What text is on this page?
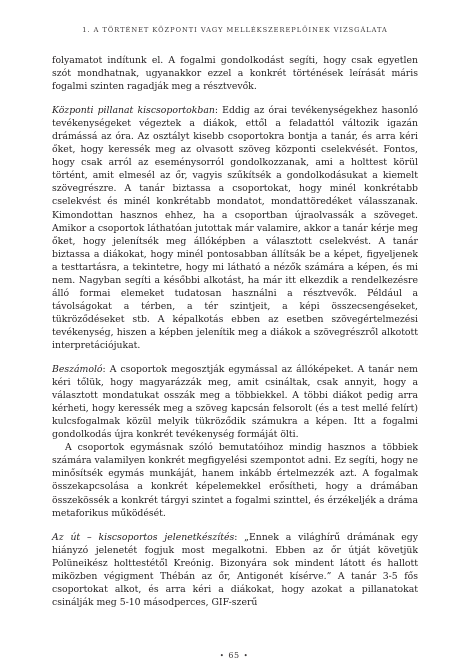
1. A TÖRTÉNET KÖZPONTI VAGY MELLÉKSZEREPLŐINEK VIZSGÁLATA

folyamatot indítunk el. A fogalmi gondolkodást segíti, hogy csak egyetlen szót mondhatnak, ugyanakkor ezzel a konkrét történések leírását máris fogalmi szinten ragadják meg a résztvevők.

Központi pillanat kiscsoportokban: Eddig az órai tevékenységekhez hasonló tevékenységeket végeztek a diákok, ettől a feladattól változik igazán drámássá az óra. Az osztályt kisebb csoportokra bontja a tanár, és arra kéri őket, hogy keressék meg az olvasott szöveg központi cselekvését. Fontos, hogy csak arról az eseménysorról gondolkozzanak, ami a holttest körül történt, amit elmesél az őr, vagyis szűkítsék a gondolkodásukat a kiemelt szövegrészre. A tanár biztassa a csoportokat, hogy minél konkrétabb cselekvést és minél konkrétabb mondatot, mondattöredéket válasszanak. Kimondottan hasznos ehhez, ha a csoportban újraolvassák a szöveget. Amikor a csoportok láthatóan jutottak már valamire, akkor a tanár kérje meg őket, hogy jelenítsék meg állóképben a választott cselekvést. A tanár biztassa a diákokat, hogy minél pontosabban állítsák be a képet, figyeljenek a testtartásra, a tekintetre, hogy mi látható a nézők számára a képen, és mi nem. Nagyban segíti a későbbi alkotást, ha már itt elkezdik a rendelkezésre álló formai elemeket tudatosan használni a résztvevők. Például a távolságokat a térben, a tér szintjeit, a képi összecsengéseket, tükröződéseket stb. A képalkotás ebben az esetben szövegértelmezési tevékenység, hiszen a képben jelenítik meg a diákok a szövegrészről alkotott interpretációjukat.

Beszámoló: A csoportok megosztják egymással az állóképeket. A tanár nem kéri tőlük, hogy magyarázzák meg, amit csináltak, csak annyit, hogy a választott mondatukat osszák meg a többiekkel. A többi diákot pedig arra kérheti, hogy keressék meg a szöveg kapcsán felsorolt (és a test mellé felírt) kulcsfogalmak közül melyik tükröződik számukra a képen. Itt a fogalmi gondolkodás újra konkrét tevékenység formáját ölti.

A csoportok egymásnak szóló bemutatóihoz mindig hasznos a többiek számára valamilyen konkrét megfigyelési szempontot adni. Ez segíti, hogy ne minősítsék egymás munkáját, hanem inkább értelmezzék azt. A fogalmak összekapcsolása a konkrét képelemekkel erősítheti, hogy a drámában összekössék a konkrét tárgyi szintet a fogalmi szinttel, és érzékeljék a dráma metaforikus működését.

Az út – kiscsoportos jelenetkészítés: „Ennek a világhírű drámának egy hiányzó jelenetét fogjuk most megalkotni. Ebben az őr útját követjük Polüneikész holttestétől Kreónig. Bizonyára sok mindent látott és hallott miközben végigment Thébán az őr, Antigonét kísérve.” A tanár 3-5 fős csoportokat alkot, és arra kéri a diákokat, hogy azokat a pillanatokat csinálják meg 5-10 másodperces, GIF-szerű

• 65 •
